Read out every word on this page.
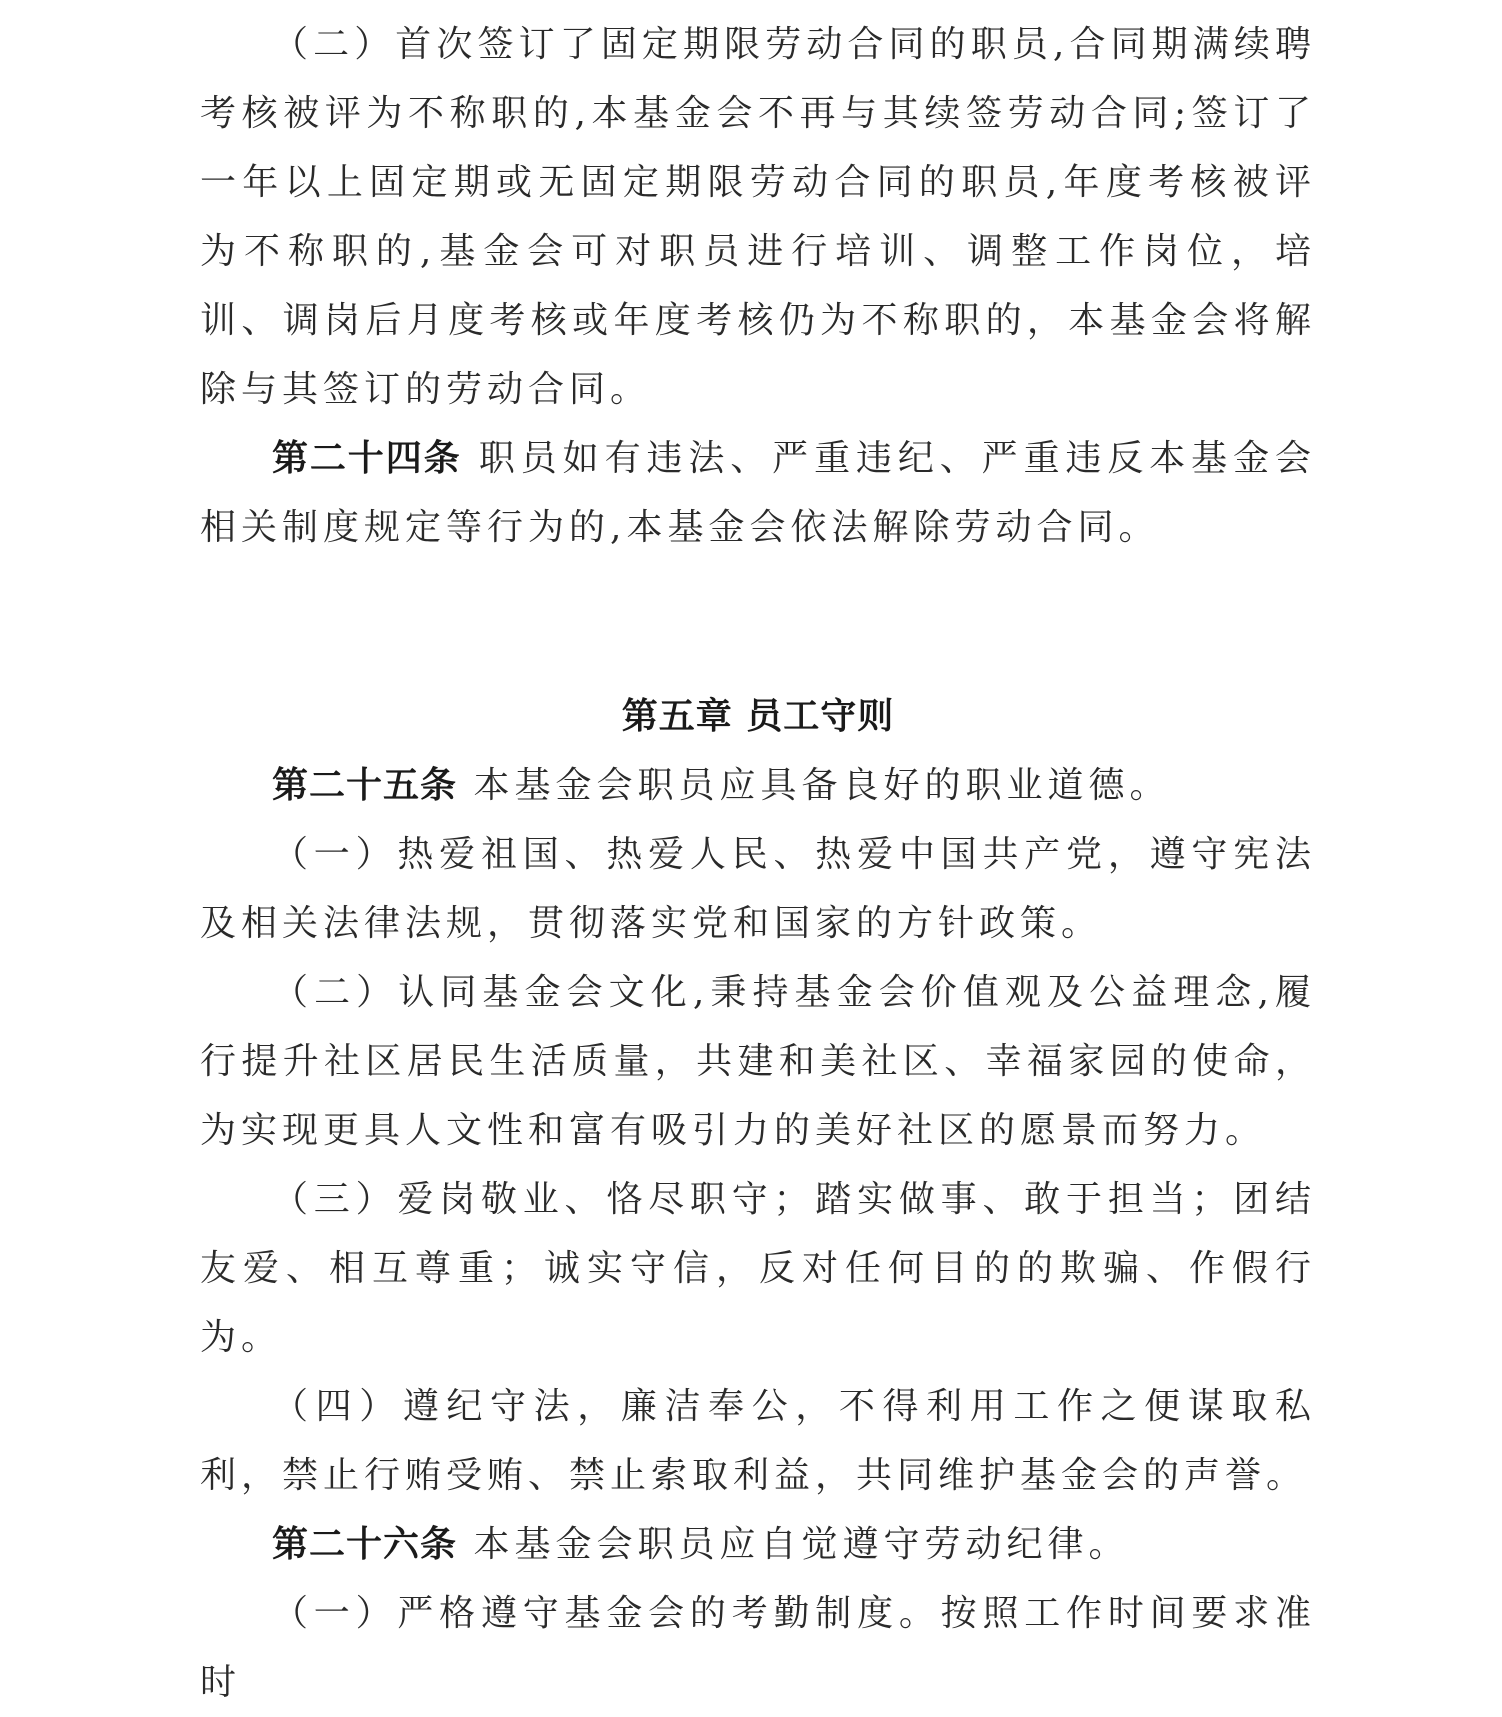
（二）首次签订了固定期限劳动合同的职员,合同期满续聘考核被评为不称职的,本基金会不再与其续签劳动合同;签订了一年以上固定期或无固定期限劳动合同的职员,年度考核被评为不称职的,基金会可对职员进行培训、调整工作岗位，培训、调岗后月度考核或年度考核仍为不称职的，本基金会将解除与其签订的劳动合同。

第二十四条 职员如有违法、严重违纪、严重违反本基金会相关制度规定等行为的,本基金会依法解除劳动合同。

第五章 员工守则

第二十五条 本基金会职员应具备良好的职业道德。

（一）热爱祖国、热爱人民、热爱中国共产党，遵守宪法及相关法律法规，贯彻落实党和国家的方针政策。

（二）认同基金会文化,秉持基金会价值观及公益理念,履行提升社区居民生活质量，共建和美社区、幸福家园的使命，为实现更具人文性和富有吸引力的美好社区的愿景而努力。

（三）爱岗敬业、恪尽职守；踏实做事、敢于担当；团结友爱、相互尊重；诚实守信，反对任何目的的欺骗、作假行为。

（四）遵纪守法，廉洁奉公，不得利用工作之便谋取私利，禁止行贿受贿、禁止索取利益，共同维护基金会的声誉。

第二十六条 本基金会职员应自觉遵守劳动纪律。

（一）严格遵守基金会的考勤制度。按照工作时间要求准时
